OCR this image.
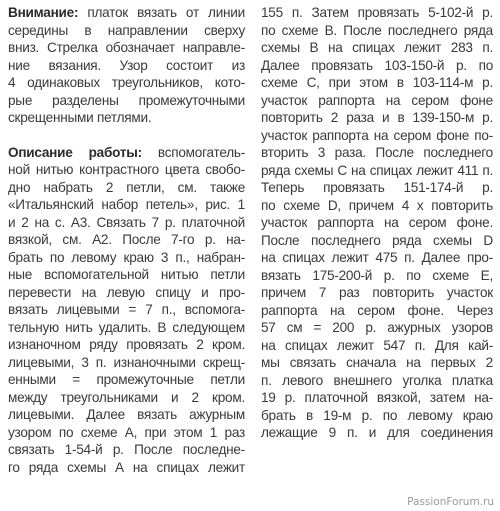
Внимание: платок вязать от линии
середины в направлении сверху
вниз. Стрелка обозначает направле-
ние вязания. Узор состоит из
4 одинаковых треугольников, кото-
рые разделены промежуточными
скрещенными петлями.

Описание работы: вспомогатель-
ной нитью контрастного цвета свобо-
дно набрать 2 петли, см. также
«Итальянский набор петель», рис. 1
и 2 на с. А3. Связать 7 р. платочной
вязкой, см. А2. После 7-го р. на-
брать по левому краю 3 п., набран-
ные вспомогательной нитью петли
перевести на левую спицу и про-
вязать лицевыми = 7 п., вспомога-
тельную нить удалить. В следующем
изнаночном ряду провязать 2 кром.
лицевыми, 3 п. изнаночными скрещ-
енными = промежуточные петли
между треугольниками и 2 кром.
лицевыми. Далее вязать ажурным
узором по схеме А, при этом 1 раз
связать 1-54-й р. После последне-
го ряда схемы А на спицах лежит

155 п. Затем провязать 5-102-й р.
по схеме В. После последнего ряда
схемы В на спицах лежит 283 п.
Далее провязать 103-150-й р. по
схеме С, при этом в 103-114-м р.
участок раппорта на сером фоне
повторить 2 раза и в 139-150-м р.
участок раппорта на сером фоне по-
вторить 3 раза. После последнего
ряда схемы С на спицах лежит 411 п.
Теперь провязать 151-174-й р.
по схеме D, причем 4 х повторить
участок раппорта на сером фоне.
После последнего ряда схемы D
на спицах лежит 475 п. Далее про-
вязать 175-200-й р. по схеме Е,
причем 7 раз повторить участок
раппорта на сером фоне. Через
57 см = 200 р. ажурных узоров
на спицах лежит 547 п. Для кай-
мы связать сначала на первых 2
п. левого внешнего уголка платка
19 р. платочной вязкой, затем на-
брать в 19-м р. по левому краю
лежащие 9 п. и для соединения

PassionForum.ru
